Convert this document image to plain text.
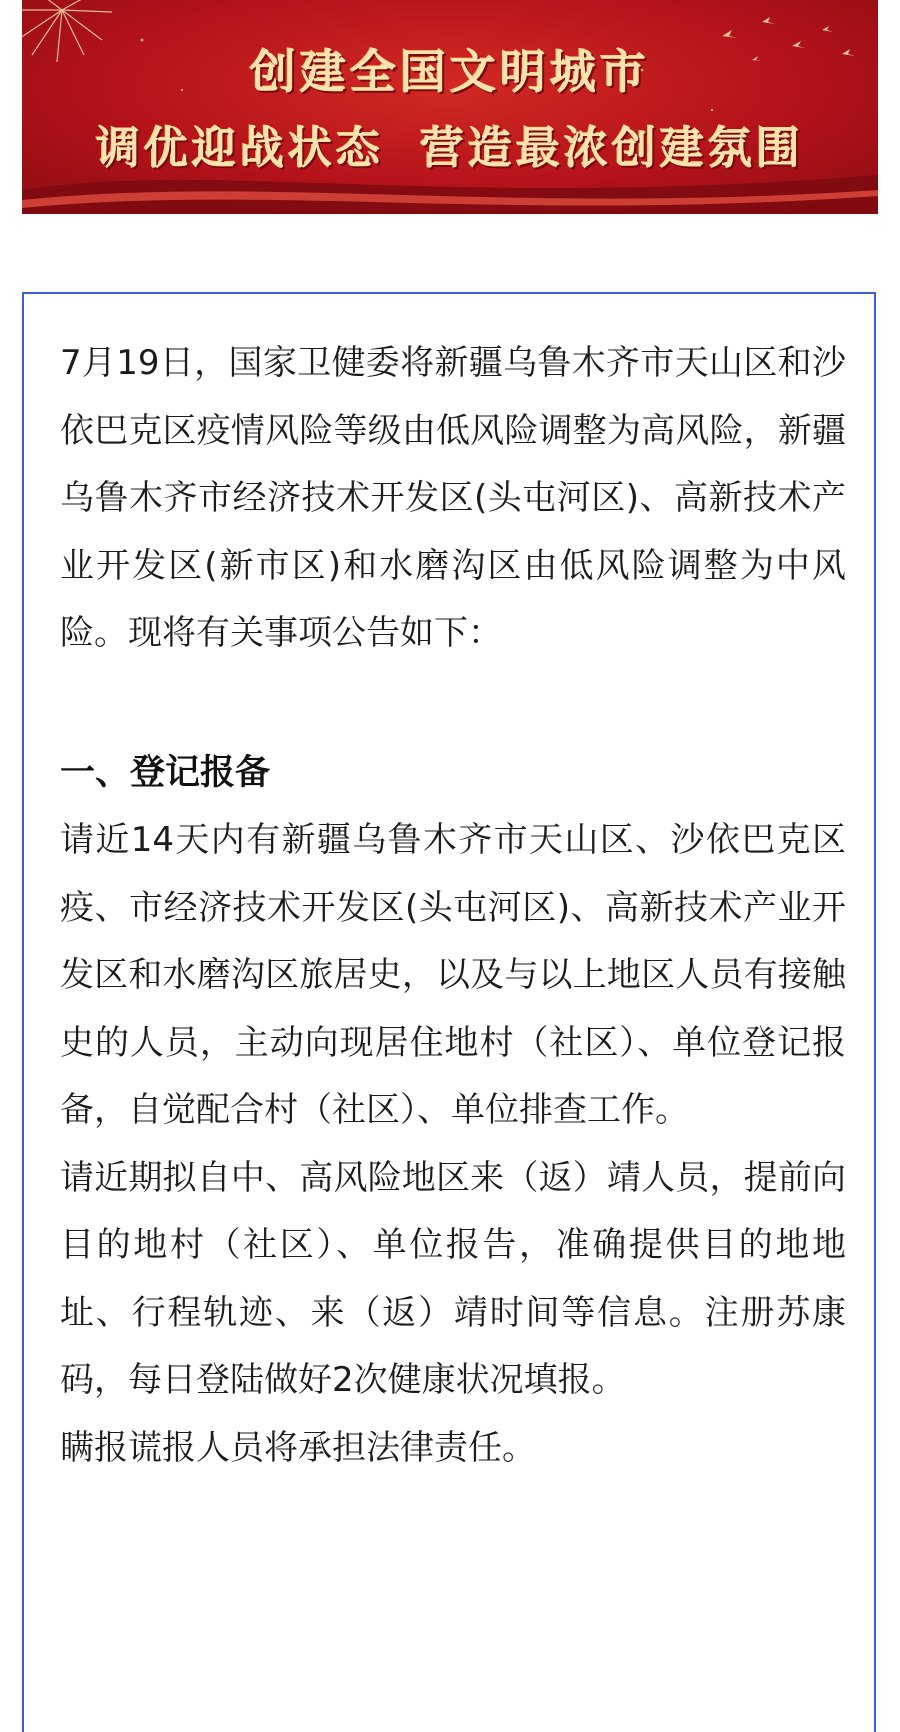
创建全国文明城市
调优迎战状态 营造最浓创建氛围

7月19日，国家卫健委将新疆乌鲁木齐市天山区和沙依巴克区疫情风险等级由低风险调整为高风险，新疆乌鲁木齐市经济技术开发区(头屯河区)、高新技术产业开发区(新市区)和水磨沟区由低风险调整为中风险。现将有关事项公告如下：

一、登记报备

请近14天内有新疆乌鲁木齐市天山区、沙依巴克区疫、市经济技术开发区(头屯河区)、高新技术产业开发区和水磨沟区旅居史，以及与以上地区人员有接触史的人员，主动向现居住地村（社区）、单位登记报备，自觉配合村（社区）、单位排查工作。

请近期拟自中、高风险地区来（返）靖人员，提前向目的地村（社区）、单位报告，准确提供目的地地址、行程轨迹、来（返）靖时间等信息。注册苏康码，每日登陆做好2次健康状况填报。

瞒报谎报人员将承担法律责任。
